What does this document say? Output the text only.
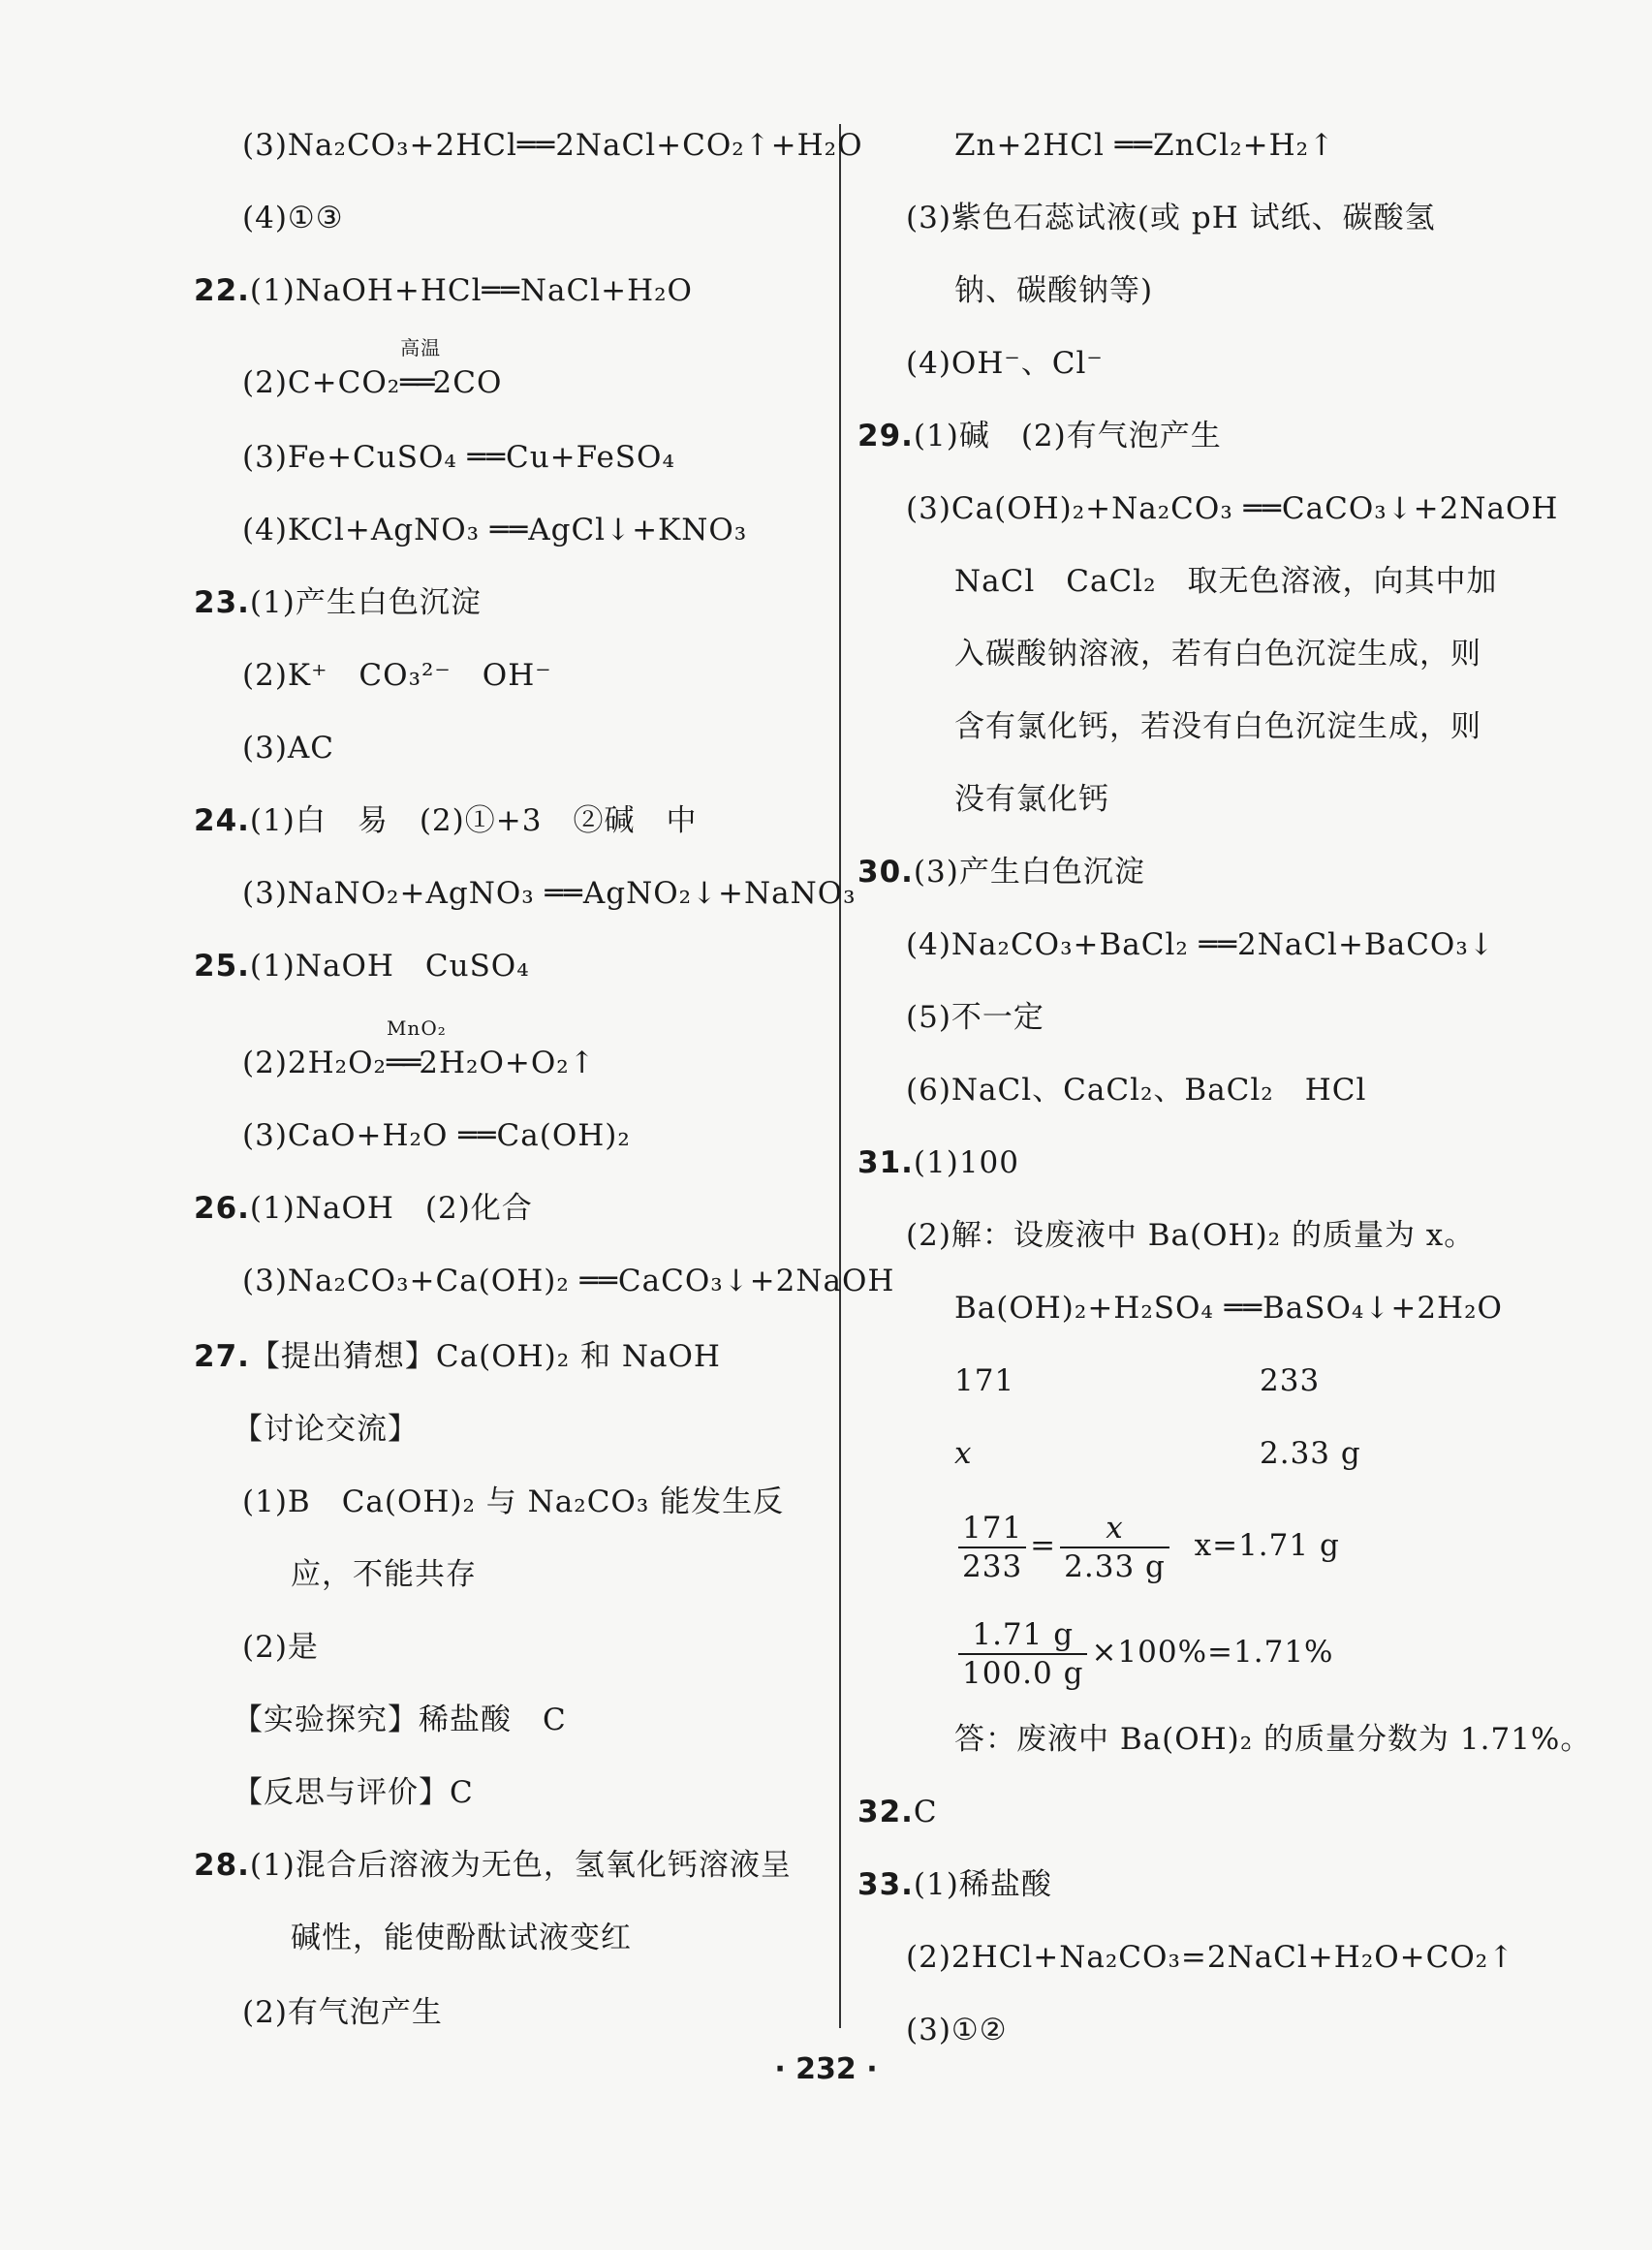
(3)Na₂CO₃+2HCl══2NaCl+CO₂↑+H₂O
(4)①③
22.(1)NaOH+HCl══NaCl+H₂O
(2)C+CO₂
高温
══2CO
(3)Fe+CuSO₄ ══Cu+FeSO₄
(4)KCl+AgNO₃ ══AgCl↓+KNO₃
23.(1)产生白色沉淀
(2)K⁺　CO₃²⁻　OH⁻
(3)AC
24.(1)白　易　(2)①+3　②碱　中
(3)NaNO₂+AgNO₃ ══AgNO₂↓+NaNO₃
25.(1)NaOH　CuSO₄
(2)2H₂O₂
MnO₂
══2H₂O+O₂↑
(3)CaO+H₂O ══Ca(OH)₂
26.(1)NaOH　(2)化合
(3)Na₂CO₃+Ca(OH)₂ ══CaCO₃↓+2NaOH
27.【提出猜想】Ca(OH)₂ 和 NaOH
【讨论交流】
(1)B　Ca(OH)₂ 与 Na₂CO₃ 能发生反
应，不能共存
(2)是
【实验探究】稀盐酸　C
【反思与评价】C
28.(1)混合后溶液为无色，氢氧化钙溶液呈
碱性，能使酚酞试液变红
(2)有气泡产生
Zn+2HCl ══ZnCl₂+H₂↑
(3)紫色石蕊试液(或 pH 试纸、碳酸氢
钠、碳酸钠等)
(4)OH⁻、Cl⁻
29.(1)碱　(2)有气泡产生
(3)Ca(OH)₂+Na₂CO₃ ══CaCO₃↓+2NaOH
NaCl　CaCl₂　取无色溶液，向其中加
入碳酸钠溶液，若有白色沉淀生成，则
含有氯化钙，若没有白色沉淀生成，则
没有氯化钙
30.(3)产生白色沉淀
(4)Na₂CO₃+BaCl₂ ══2NaCl+BaCO₃↓
(5)不一定
(6)NaCl、CaCl₂、BaCl₂　HCl
31.(1)100
(2)解：设废液中 Ba(OH)₂ 的质量为 x。
Ba(OH)₂+H₂SO₄ ══BaSO₄↓+2H₂O
171	233
x	2.33 g
$\frac{171}{233} = \frac{x}{2.33 g} x=1.71$ g
$\frac{1.71 g}{100.0 g} \times 100\%=1.71\%$
答：废液中 Ba(OH)₂ 的质量分数为 1.71%。
32.C
33.(1)稀盐酸
(2)2HCl+Na₂CO₃=2NaCl+H₂O+CO₂↑
(3)①②
· 232 ·
